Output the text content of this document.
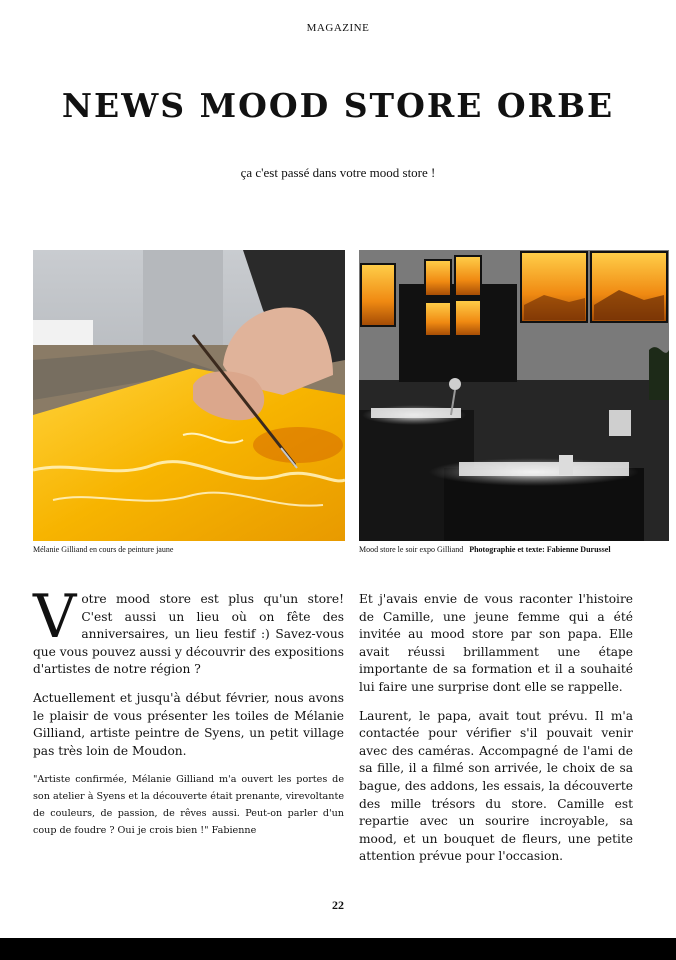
MAGAZINE
NEWS MOOD STORE ORBE
ça c'est passé dans votre mood store !
Mélanie Gilliand en cours de peinture jaune	Mood store le soir expo Gilliand Photographie et texte: Fabienne Durussel

Votre mood store est plus qu'un store! C'est aussi un lieu où on fête des anniversaires, un lieu festif :) Savez-vous que vous pouvez aussi y découvrir des expositions d'artistes de notre région ?

Actuellement et jusqu'à début février, nous avons le plaisir de vous présenter les toiles de Mélanie Gilliand, artiste peintre de Syens, un petit village pas très loin de Moudon.

"Artiste confirmée, Mélanie Gilliand m'a ouvert les portes de son atelier à Syens et la découverte était prenante, virevoltante de couleurs, de passion, de rêves aussi. Peut-on parler d'un coup de foudre ? Oui je crois bien !" Fabienne

Et j'avais envie de vous raconter l'histoire de Camille, une jeune femme qui a été invitée au mood store par son papa. Elle avait réussi brillamment une étape importante de sa formation et il a souhaité lui faire une surprise dont elle se rappelle.

Laurent, le papa, avait tout prévu. Il m'a contactée pour vérifier s'il pouvait venir avec des caméras. Accompagné de l'ami de sa fille, il a filmé son arrivée, le choix de sa bague, des addons, les essais, la découverte des mille trésors du store. Camille est repartie avec un sourire incroyable, sa mood, et un bouquet de fleurs, une petite attention prévue pour l'occasion.

22
